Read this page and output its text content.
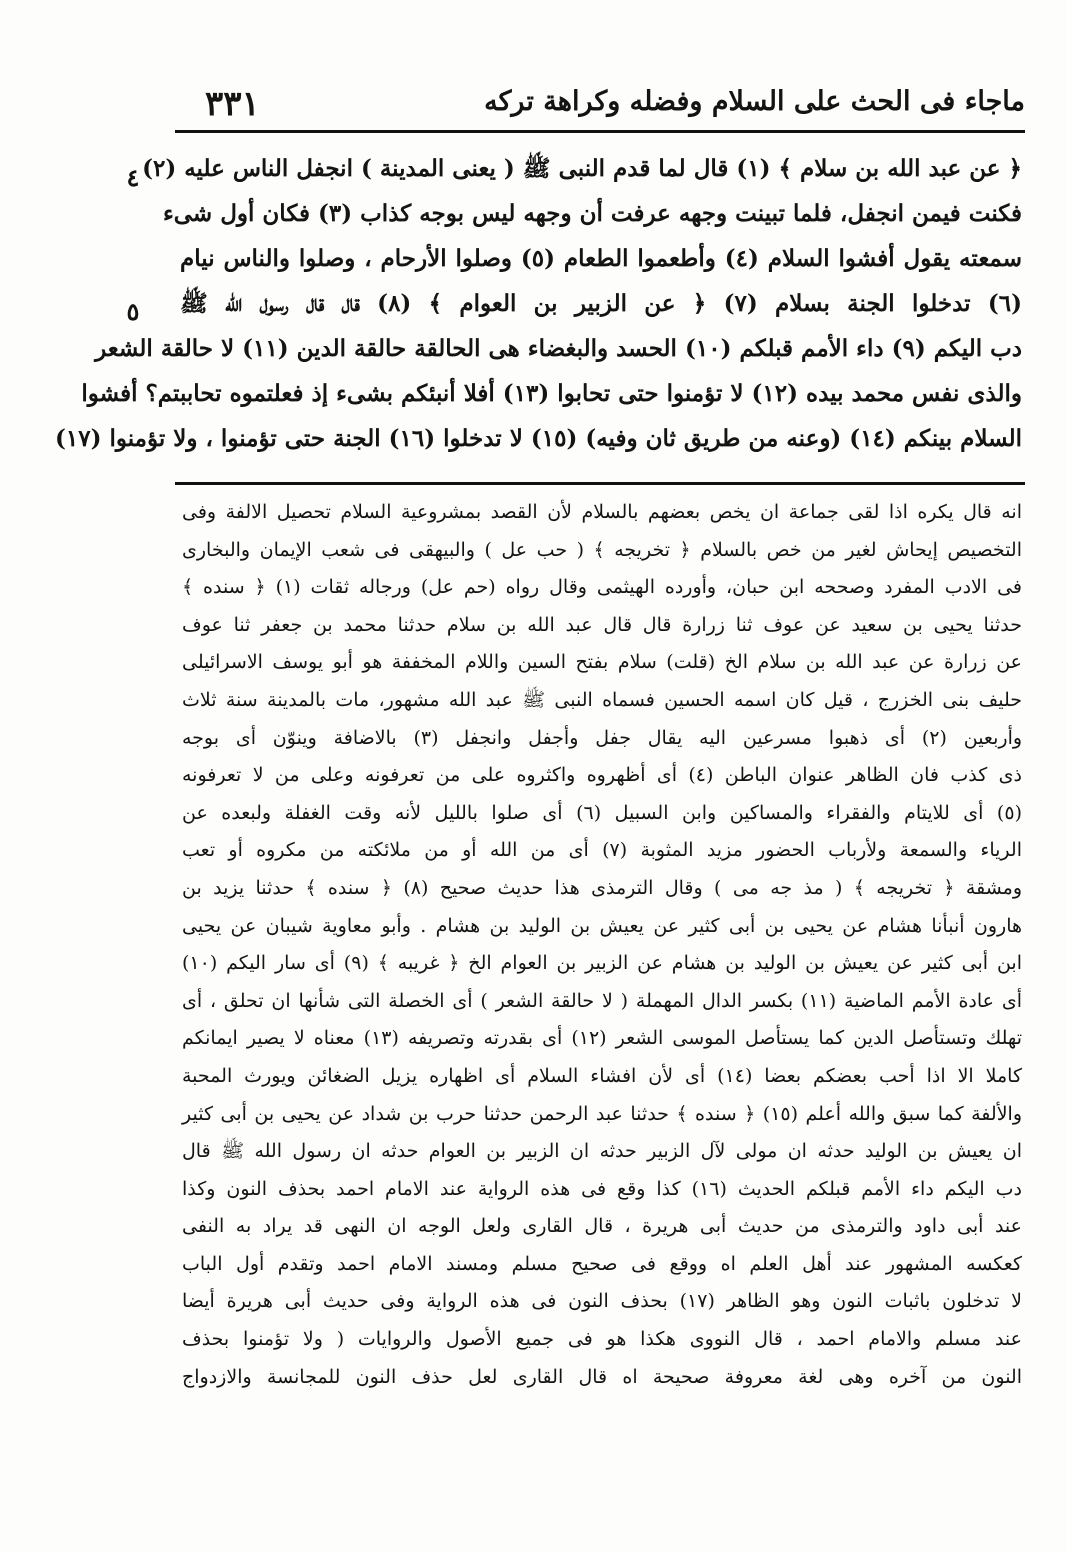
٣٣١	ماجاء فى الحث على السلام وفضله وكراهة تركه
٤
٥
﴿ عن عبد الله بن سلام ﴾ (١) قال لما قدم النبى ﷺ ( يعنى المدينة ) انجفل الناس عليه (٢)
فكنت فيمن انجفل، فلما تبينت وجهه عرفت أن وجهه ليس بوجه كذاب (٣) فكان أول شىء
سمعته يقول أفشوا السلام (٤) وأطعموا الطعام (٥) وصلوا الأرحام ، وصلوا والناس نيام
(٦) تدخلوا الجنة بسلام (٧) ﴿ عن الزبير بن العوام ﴾ (٨) قال قال رسول الله ﷺ
دب اليكم (٩) داء الأمم قبلكم (١٠) الحسد والبغضاء هى الحالقة حالقة الدين (١١) لا حالقة الشعر
والذى نفس محمد بيده (١٢) لا تؤمنوا حتى تحابوا (١٣) أفلا أنبئكم بشىء إذ فعلتموه تحاببتم؟ أفشوا
السلام بينكم (١٤) (وعنه من طريق ثان وفيه) (١٥) لا تدخلوا (١٦) الجنة حتى تؤمنوا ، ولا تؤمنوا (١٧)
انه قال يكره اذا لقى جماعة ان يخص بعضهم بالسلام لأن القصد بمشروعية السلام تحصيل الالفة وفى
التخصيص إيحاش لغير من خص بالسلام ﴿ تخريجه ﴾ ( حب عل ) والبيهقى فى شعب الإيمان والبخارى
فى الادب المفرد وصححه ابن حبان، وأورده الهيثمى وقال رواه (حم عل) ورجاله ثقات (١) ﴿ سنده ﴾
حدثنا يحيى بن سعيد عن عوف ثنا زرارة قال قال عبد الله بن سلام حدثنا محمد بن جعفر ثنا عوف
عن زرارة عن عبد الله بن سلام الخ (قلت) سلام بفتح السين واللام المخففة هو أبو يوسف الاسرائيلى
حليف بنى الخزرج ، قيل كان اسمه الحسين فسماه النبى ﷺ عبد الله مشهور، مات بالمدينة سنة ثلاث
وأربعين (٢) أى ذهبوا مسرعين اليه يقال جفل وأجفل وانجفل (٣) بالاضافة وينوّن أى بوجه
ذى كذب فان الظاهر عنوان الباطن (٤) أى أظهروه واكثروه على من تعرفونه وعلى من لا تعرفونه
(٥) أى للايتام والفقراء والمساكين وابن السبيل (٦) أى صلوا بالليل لأنه وقت الغفلة ولبعده عن
الرياء والسمعة ولأرباب الحضور مزيد المثوبة (٧) أى من الله أو من ملائكته من مكروه أو تعب
ومشقة ﴿ تخريجه ﴾ ( مذ جه مى ) وقال الترمذى هذا حديث صحيح (٨) ﴿ سنده ﴾ حدثنا يزيد بن
هارون أنبأنا هشام عن يحيى بن أبى كثير عن يعيش بن الوليد بن هشام . وأبو معاوية شيبان عن يحيى
ابن أبى كثير عن يعيش بن الوليد بن هشام عن الزبير بن العوام الخ ﴿ غريبه ﴾ (٩) أى سار اليكم (١٠)
أى عادة الأمم الماضية (١١) بكسر الدال المهملة ( لا حالقة الشعر ) أى الخصلة التى شأنها ان تحلق ، أى
تهلك وتستأصل الدين كما يستأصل الموسى الشعر (١٢) أى بقدرته وتصريفه (١٣) معناه لا يصير ايمانكم
كاملا الا اذا أحب بعضكم بعضا (١٤) أى لأن افشاء السلام أى اظهاره يزيل الضغائن ويورث المحبة
والألفة كما سبق والله أعلم (١٥) ﴿ سنده ﴾ حدثنا عبد الرحمن حدثنا حرب بن شداد عن يحيى بن أبى كثير
ان يعيش بن الوليد حدثه ان مولى لآل الزبير حدثه ان الزبير بن العوام حدثه ان رسول الله ﷺ قال
دب اليكم داء الأمم قبلكم الحديث (١٦) كذا وقع فى هذه الرواية عند الامام احمد بحذف النون وكذا
عند أبى داود والترمذى من حديث أبى هريرة ، قال القارى ولعل الوجه ان النهى قد يراد به النفى
كعكسه المشهور عند أهل العلم اه ووقع فى صحيح مسلم ومسند الامام احمد وتقدم أول الباب
لا تدخلون باثبات النون وهو الظاهر (١٧) بحذف النون فى هذه الرواية وفى حديث أبى هريرة أيضا
عند مسلم والامام احمد ، قال النووى هكذا هو فى جميع الأصول والروايات ( ولا تؤمنوا بحذف
النون من آخره وهى لغة معروفة صحيحة اه قال القارى لعل حذف النون للمجانسة والازدواج
